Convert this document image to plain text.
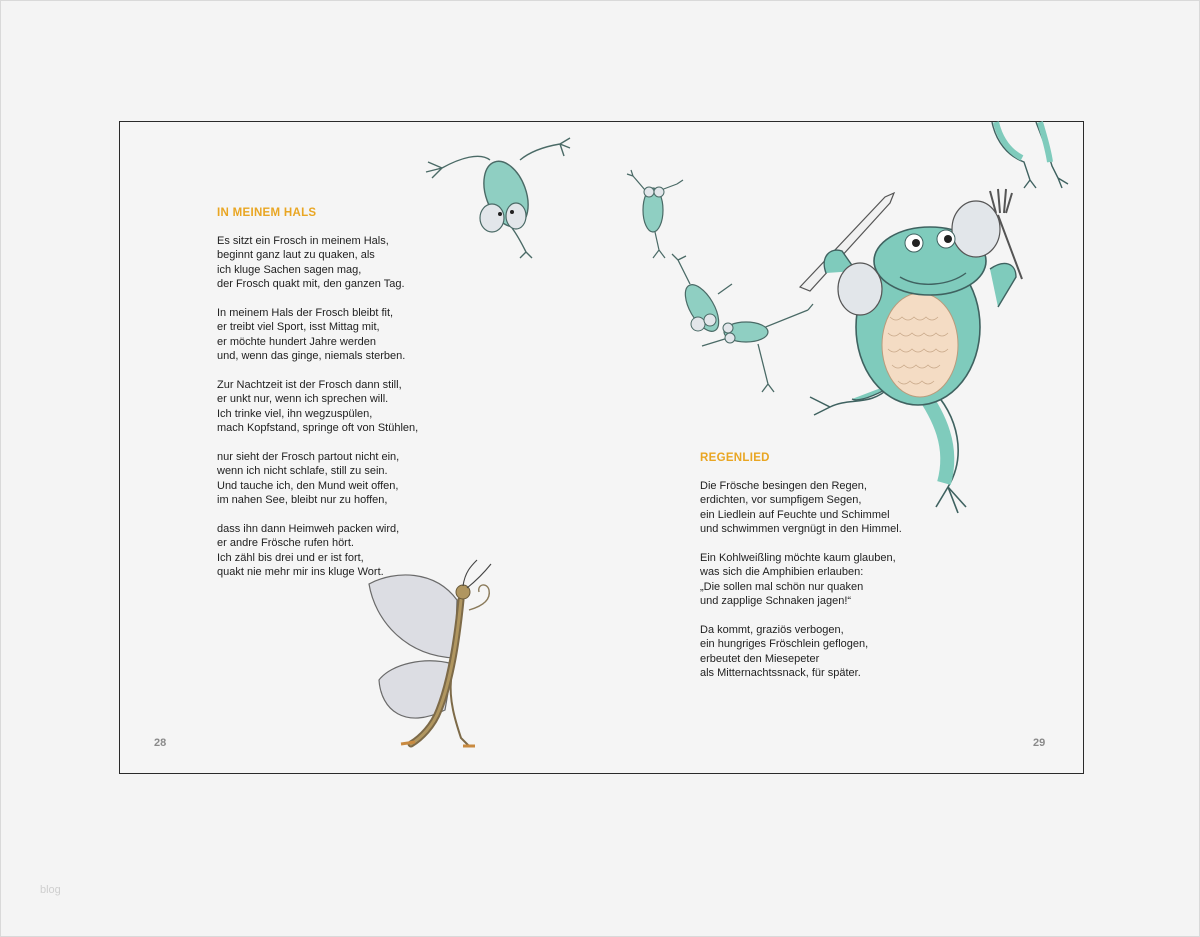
IN MEINEM HALS
Es sitzt ein Frosch in meinem Hals,
beginnt ganz laut zu quaken, als
ich kluge Sachen sagen mag,
der Frosch quakt mit, den ganzen Tag.
In meinem Hals der Frosch bleibt fit,
er treibt viel Sport, isst Mittag mit,
er möchte hundert Jahre werden
und, wenn das ginge, niemals sterben.
Zur Nachtzeit ist der Frosch dann still,
er unkt nur, wenn ich sprechen will.
Ich trinke viel, ihn wegzuspülen,
mach Kopfstand, springe oft von Stühlen,
nur sieht der Frosch partout nicht ein,
wenn ich nicht schlafe, still zu sein.
Und tauche ich, den Mund weit offen,
im nahen See, bleibt nur zu hoffen,
dass ihn dann Heimweh packen wird,
er andre Frösche rufen hört.
Ich zähl bis drei und er ist fort,
quakt nie mehr mir ins kluge Wort.
28
REGENLIED
Die Frösche besingen den Regen,
erdichten, vor sumpfigem Segen,
ein Liedlein auf Feuchte und Schimmel
und schwimmen vergnügt in den Himmel.
Ein Kohlweißling möchte kaum glauben,
was sich die Amphibien erlauben:
„Die sollen mal schön nur quaken
und zapplige Schnaken jagen!“
Da kommt, graziös verbogen,
ein hungriges Fröschlein geflogen,
erbeutet den Miesepeter
als Mitternachtssnack, für später.
29
blog
